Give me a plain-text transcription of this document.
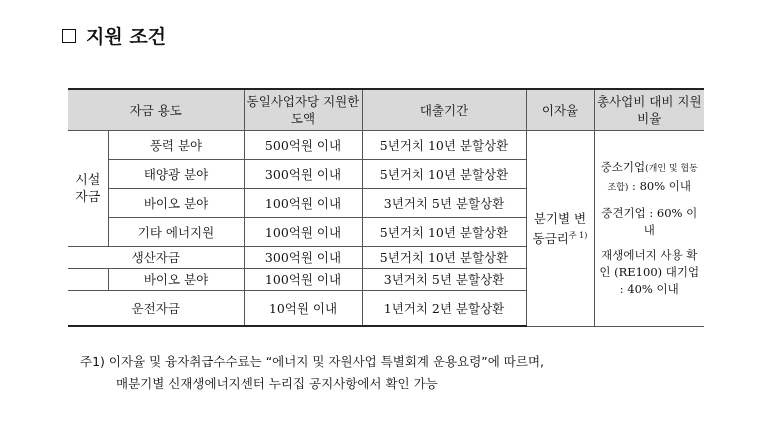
지원 조건
자금 용도		동일사업자당 지원한도액	대출기간	이자율	총사업비 대비 지원비율
시설 자금	풍력 분야	500억원 이내	5년거치 10년 분할상환	분기별 변동금리$^{주 1)}$	중소기업(개인 및 협동조합) : 80% 이내
중견기업 : 60% 이내
재생에너지 사용 확인 (RE100) 대기업 : 40% 이내

	태양광 분야	300억원 이내	5년거치 10년 분할상환		
	바이오 분야	100억원 이내	3년거치 5년 분할상환		
	기타 에너지원	100억원 이내	5년거치 10년 분할상환		
생산자금		300억원 이내	5년거치 10년 분할상환		
	바이오 분야	100억원 이내	3년거치 5년 분할상환		
운전자금		10억원 이내	1년거치 2년 분할상환		
주1) 이자율 및 융자취급수수료는 “에너지 및 자원사업 특별회계 운용요령”에 따르며,
매분기별 신재생에너지센터 누리집 공지사항에서 확인 가능
